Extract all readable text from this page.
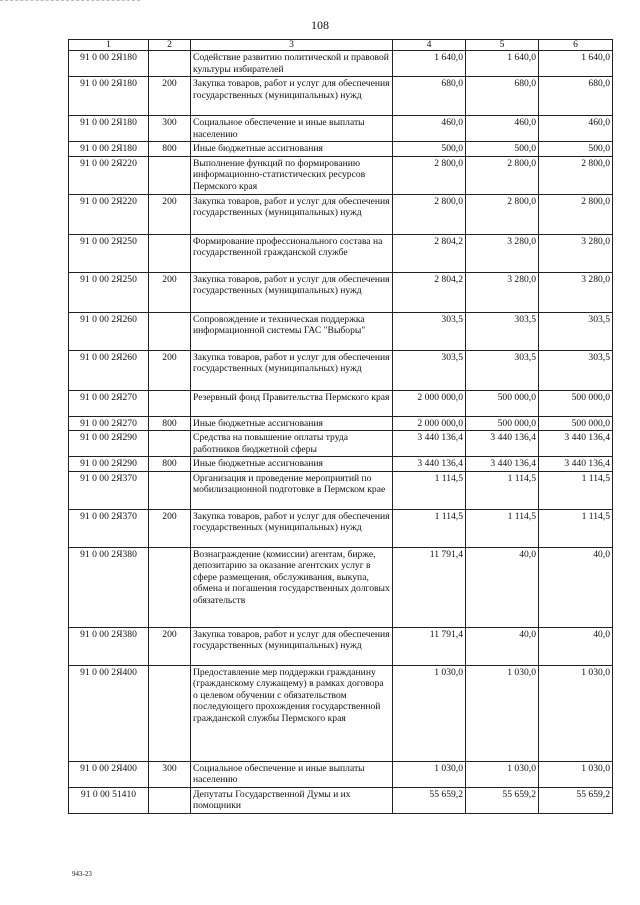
108
1	2	3	4	5	6
91 0 00 2Я180		Содействие развитию политической и правовой культуры избирателей	1 640,0	1 640,0	1 640,0
91 0 00 2Я180	200	Закупка товаров, работ и услуг для обеспечения государственных (муниципальных) нужд	680,0	680,0	680,0
91 0 00 2Я180	300	Социальное обеспечение и иные выплаты населению	460,0	460,0	460,0
91 0 00 2Я180	800	Иные бюджетные ассигнования	500,0	500,0	500,0
91 0 00 2Я220		Выполнение функций по формированию информационно-статистических ресурсов Пермского края	2 800,0	2 800,0	2 800,0
91 0 00 2Я220	200	Закупка товаров, работ и услуг для обеспечения государственных (муниципальных) нужд	2 800,0	2 800,0	2 800,0
91 0 00 2Я250		Формирование профессионального состава на государственной гражданской службе	2 804,2	3 280,0	3 280,0
91 0 00 2Я250	200	Закупка товаров, работ и услуг для обеспечения государственных (муниципальных) нужд	2 804,2	3 280,0	3 280,0
91 0 00 2Я260		Сопровождение и техническая поддержка информационной системы ГАС "Выборы"	303,5	303,5	303,5
91 0 00 2Я260	200	Закупка товаров, работ и услуг для обеспечения государственных (муниципальных) нужд	303,5	303,5	303,5
91 0 00 2Я270		Резервный фонд Правительства Пермского края	2 000 000,0	500 000,0	500 000,0
91 0 00 2Я270	800	Иные бюджетные ассигнования	2 000 000,0	500 000,0	500 000,0
91 0 00 2Я290		Средства на повышение оплаты труда работников бюджетной сферы	3 440 136,4	3 440 136,4	3 440 136,4
91 0 00 2Я290	800	Иные бюджетные ассигнования	3 440 136,4	3 440 136,4	3 440 136,4
91 0 00 2Я370		Организация и проведение мероприятий по мобилизационной подготовке в Пермском крае	1 114,5	1 114,5	1 114,5
91 0 00 2Я370	200	Закупка товаров, работ и услуг для обеспечения государственных (муниципальных) нужд	1 114,5	1 114,5	1 114,5
91 0 00 2Я380		Вознаграждение (комиссии) агентам, бирже, депозитарию за оказание агентских услуг в сфере размещения, обслуживания, выкупа, обмена и погашения государственных долговых обязательств	11 791,4	40,0	40,0
91 0 00 2Я380	200	Закупка товаров, работ и услуг для обеспечения государственных (муниципальных) нужд	11 791,4	40,0	40,0
91 0 00 2Я400		Предоставление мер поддержки гражданину (гражданскому служащему) в рамках договора о целевом обучении с обязательством последующего прохождения государственной гражданской службы Пермского края	1 030,0	1 030,0	1 030,0
91 0 00 2Я400	300	Социальное обеспечение и иные выплаты населению	1 030,0	1 030,0	1 030,0
91 0 00 51410		Депутаты Государственной Думы и их помощники	55 659,2	55 659,2	55 659,2
943-23
